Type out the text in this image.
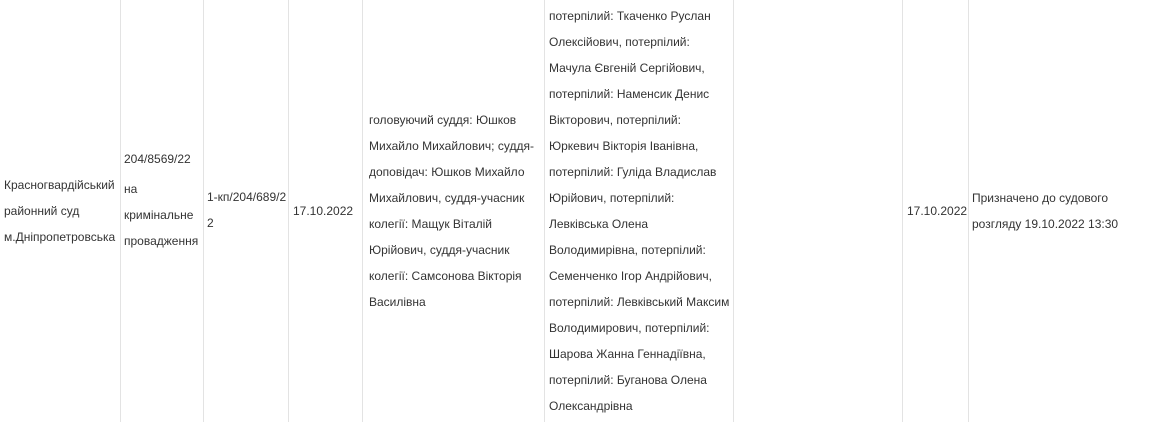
Красногвардійський районний суд м.Дніпропетровська
204/8569/22
на кримінальне провадження
1-кп/204/689/22
17.10.2022
головуючий суддя: Юшков Михайло Михайлович; суддя-доповідач: Юшков Михайло Михайлович, суддя-учасник колегії: Мащук Віталій Юрійович, суддя-учасник колегії: Самсонова Вікторія Василівна
потерпілий: Ткаченко Руслан Олексійович, потерпілий: Мачула Євгеній Сергійович, потерпілий: Наменсик Денис Вікторович, потерпілий: Юркевич Вікторія Іванівна, потерпілий: Гуліда Владислав Юрійович, потерпілий: Левківська Олена Володимирівна, потерпілий: Семенченко Ігор Андрійович, потерпілий: Левківський Максим Володимирович, потерпілий: Шарова Жанна Геннадіївна, потерпілий: Буганова Олена Олександрівна
17.10.2022
Призначено до судового розгляду 19.10.2022 13:30
